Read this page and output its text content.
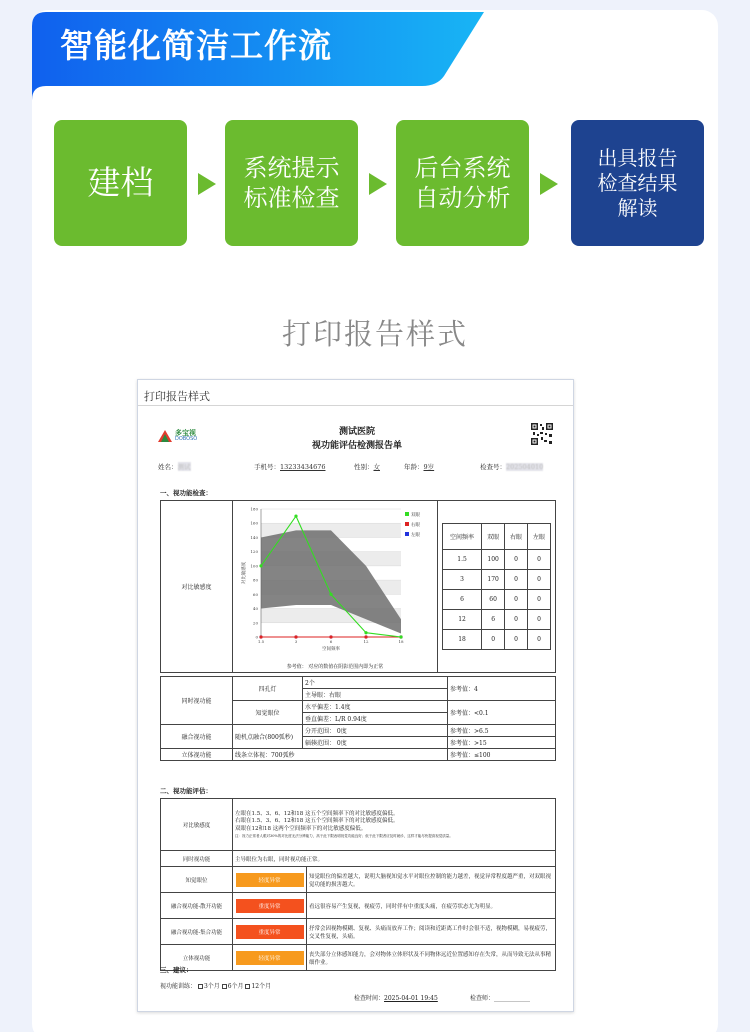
智能化简洁工作流
建档	系统提示
标准检查
后台系统
自动分析
出具报告
检查结果
解读
打印报告样式
打印报告样式
多宝视
DOBOSO
测试医院
视功能评估检测报告单
姓名：测试	手机号：13233434676	性别：女	年龄：9岁	检查号：202504010
一、视功能检查：
对比敏感度	
0
20
40
60
80
100
120
140
160
180
1.5	3	6	12	18
空间频率
对比敏感度
双眼
右眼
左眼
参考值： 对应的数值在阴影范围内即为正常

空间频率	双眼	右眼	左眼
1.5	100	0	0
3	170	0	0
6	60	0	0
12	6	0	0
18	0	0	0
同时视功能	四孔灯	2个	参考值：4
		主导眼：右眼	
	知觉眼位	水平偏差：1.4度	参考值：<0.1
		垂直偏差：L/R 0.94度	
融合视功能	随机点融合(800弧秒)	分开范围： 0度	参考值：>6.5
		辐辏范围： 0度	参考值：>15
立体视功能	线条立体视：700弧秒		参考值：≤100
二、视功能评估：
对比敏感度	左眼在1.5、3、6、12和18 这五个空间频率下的对比敏感度偏低。
右眼在1.5、3、6、12和18 这五个空间频率下的对比敏感度偏低。
双眼在12和18 这两个空间频率下的对比敏感度偏低。
注：视力正常者人眼对30%的对比度无法分辨能力，高于此下限表明视觉功能良好；低于此下限者应及时就诊，这样才能尽快提高视觉质量。	

同时视功能	主导眼位为右眼，同时视功能正常。	
知觉眼位	轻度异常	知觉眼位的偏差越大，说明大脑视知觉水平对眼位控制的能力越差，视觉异常程度越严重，对双眼视觉功能的损害越大。
融合视功能-散开功能	重度异常	看远很容易产生复视，视疲劳，同时伴有中重度头痛，在疲劳状态尤为明显。
融合视功能-集合功能	重度异常	抒常会因视物模糊、复视、头痛而放弃工作；阅读和近距离工作时会很不适，视物模糊，易视疲劳，交叉性复视，头痛。
立体视功能	轻度异常	丧失部分立体感知能力，会对物体立体形状及不同物体远近位置感知存在失常，从而导致无法从事精细作业。
三、建议：
视功能训练： 3个月 6个月 12个月
检查时间：2025-04-01 19:45	检查师：____________
